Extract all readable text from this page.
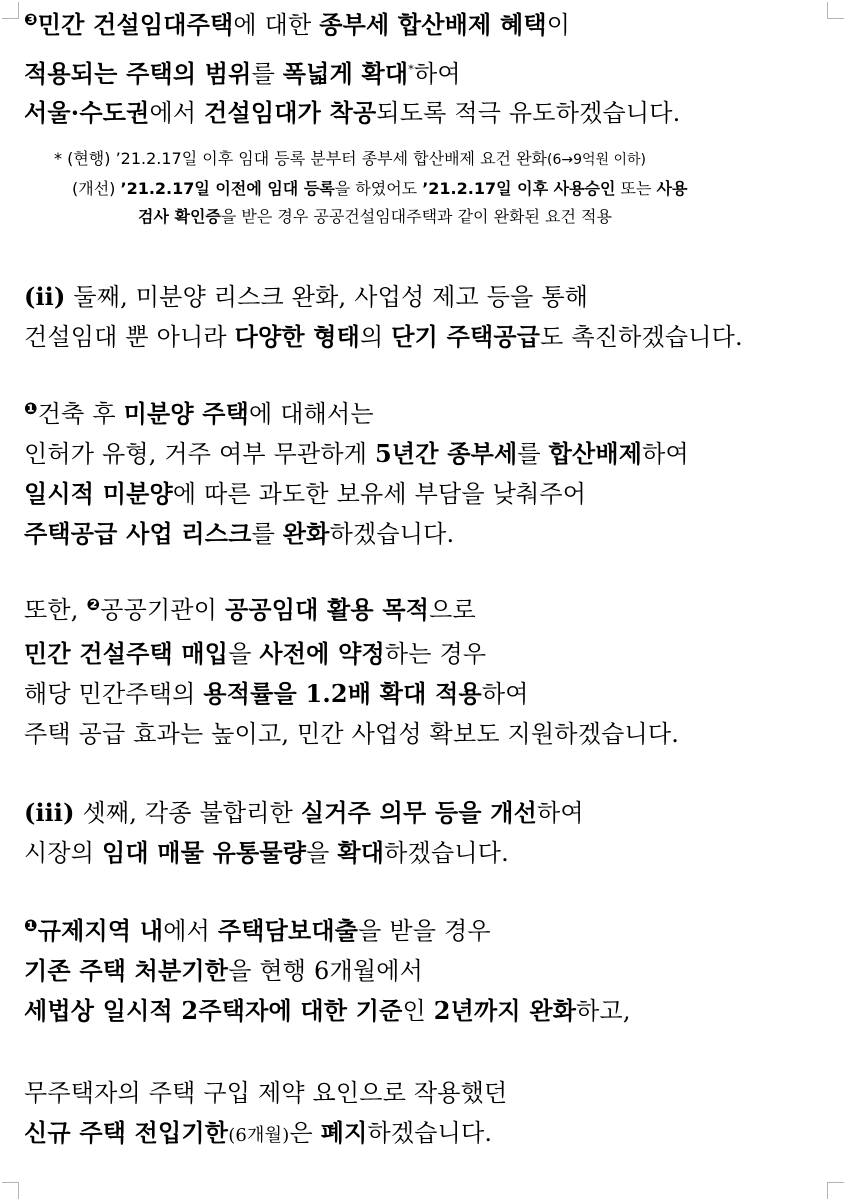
$^❸$민간 건설임대주택에 대한 종부세 합산배제 혜택이
적용되는 주택의 범위를 폭넓게 확대*하여
서울·수도권에서 건설임대가 착공되도록 적극 유도하겠습니다.
* (현행) ’21.2.17일 이후 임대 등록 분부터 종부세 합산배제 요건 완화(6→9억원 이하)
(개선) ’21.2.17일 이전에 임대 등록을 하였어도 ’21.2.17일 이후 사용승인 또는 사용
검사 확인증을 받은 경우 공공건설임대주택과 같이 완화된 요건 적용
(ⅱ) 둘째, 미분양 리스크 완화, 사업성 제고 등을 통해
건설임대 뿐 아니라 다양한 형태의 단기 주택공급도 촉진하겠습니다.
$^❶$건축 후 미분양 주택에 대해서는
인허가 유형, 거주 여부 무관하게 5년간 종부세를 합산배제하여
일시적 미분양에 따른 과도한 보유세 부담을 낮춰주어
주택공급 사업 리스크를 완화하겠습니다.
또한, $^❷$공공기관이 공공임대 활용 목적으로
민간 건설주택 매입을 사전에 약정하는 경우
해당 민간주택의 용적률을 1.2배 확대 적용하여
주택 공급 효과는 높이고, 민간 사업성 확보도 지원하겠습니다.
(ⅲ) 셋째, 각종 불합리한 실거주 의무 등을 개선하여
시장의 임대 매물 유통물량을 확대하겠습니다.
$^❶$규제지역 내에서 주택담보대출을 받을 경우
기존 주택 처분기한을 현행 6개월에서
세법상 일시적 2주택자에 대한 기준인 2년까지 완화하고,
무주택자의 주택 구입 제약 요인으로 작용했던
신규 주택 전입기한(6개월)은 폐지하겠습니다.
